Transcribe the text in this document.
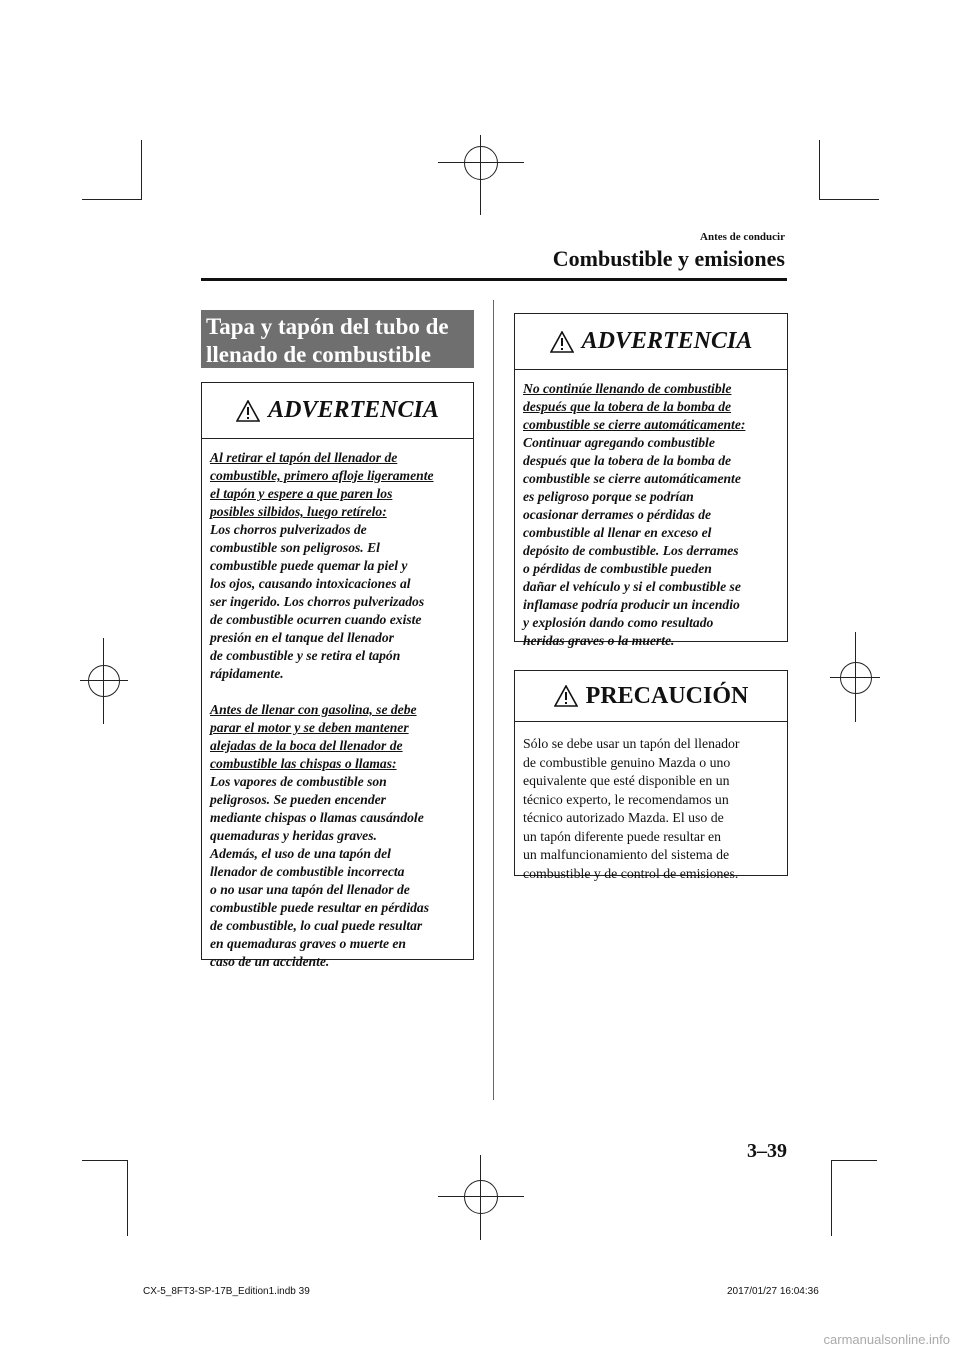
Antes de conducir
Combustible y emisiones
Tapa y tapón del tubo de
llenado de combustible
ADVERTENCIA
Al retirar el tapón del llenador de
combustible, primero afloje ligeramente
el tapón y espere a que paren los
posibles silbidos, luego retírelo:
Los chorros pulverizados de
combustible son peligrosos. El
combustible puede quemar la piel y
los ojos, causando intoxicaciones al
ser ingerido. Los chorros pulverizados
de combustible ocurren cuando existe
presión en el tanque del llenador
de combustible y se retira el tapón
rápidamente.
Antes de llenar con gasolina, se debe
parar el motor y se deben mantener
alejadas de la boca del llenador de
combustible las chispas o llamas:
Los vapores de combustible son
peligrosos. Se pueden encender
mediante chispas o llamas causándole
quemaduras y heridas graves.
Además, el uso de una tapón del
llenador de combustible incorrecta
o no usar una tapón del llenador de
combustible puede resultar en pérdidas
de combustible, lo cual puede resultar
en quemaduras graves o muerte en
caso de un accidente.
ADVERTENCIA
No continúe llenando de combustible
después que la tobera de la bomba de
combustible se cierre automáticamente:
Continuar agregando combustible
después que la tobera de la bomba de
combustible se cierre automáticamente
es peligroso porque se podrían
ocasionar derrames o pérdidas de
combustible al llenar en exceso el
depósito de combustible. Los derrames
o pérdidas de combustible pueden
dañar el vehículo y si el combustible se
inflamase podría producir un incendio
y explosión dando como resultado
heridas graves o la muerte.
PRECAUCIÓN
Sólo se debe usar un tapón del llenador
de combustible genuino Mazda o uno
equivalente que esté disponible en un
técnico experto, le recomendamos un
técnico autorizado Mazda. El uso de
un tapón diferente puede resultar en
un malfuncionamiento del sistema de
combustible y de control de emisiones.
3–39
CX-5_8FT3-SP-17B_Edition1.indb 39	2017/01/27 16:04:36
carmanualsonline.info
